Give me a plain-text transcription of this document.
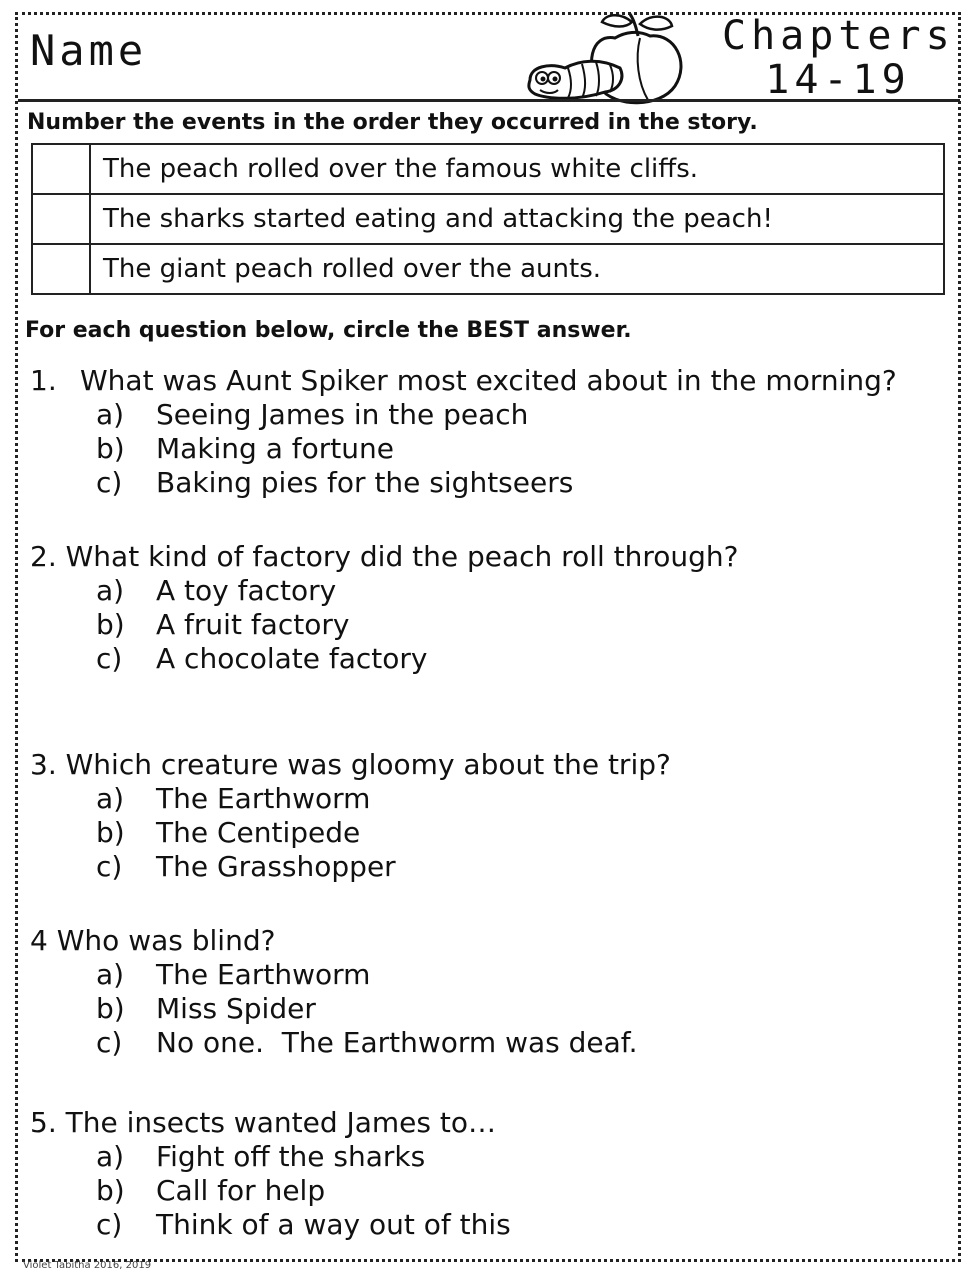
Name	Chapters
14-19
Number the events in the order they occurred in the story.
	The peach rolled over the famous white cliffs.
	The sharks started eating and attacking the peach!
	The giant peach rolled over the aunts.
For each question below, circle the BEST answer.
1. What was Aunt Spiker most excited about in the morning?
a) Seeing James in the peach
b) Making a fortune
c) Baking pies for the sightseers
2. What kind of factory did the peach roll through?
a) A toy factory
b) A fruit factory
c) A chocolate factory
3. Which creature was gloomy about the trip?
a) The Earthworm
b) The Centipede
c) The Grasshopper
4 Who was blind?
a) The Earthworm
b) Miss Spider
c) No one.  The Earthworm was deaf.
5. The insects wanted James to…
a) Fight off the sharks
b) Call for help
c) Think of a way out of this
Violet Tabitha 2016, 2019
